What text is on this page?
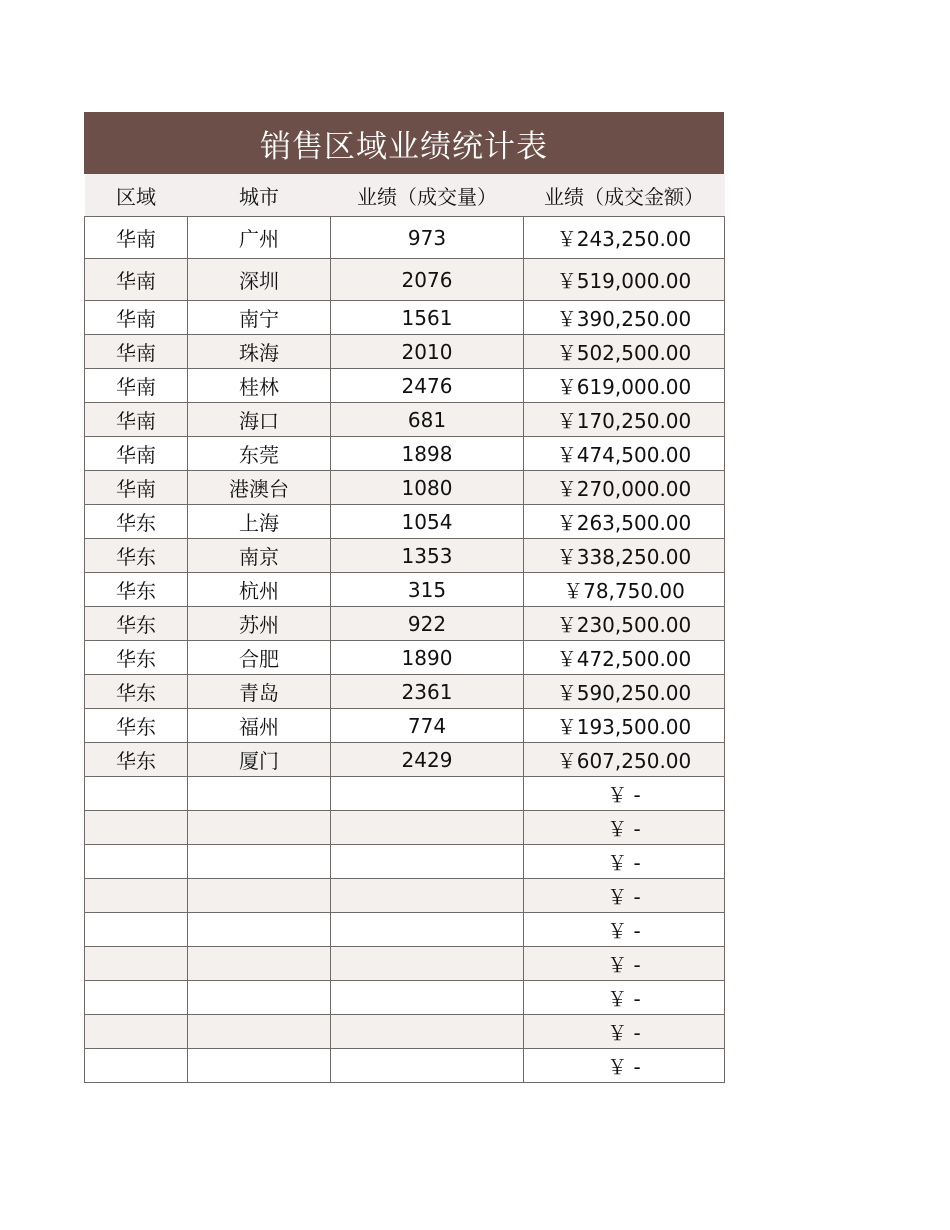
销售区域业绩统计表
区域	城市	业绩（成交量）	业绩（成交金额）
华南	广州	973	￥243,250.00
华南	深圳	2076	￥519,000.00
华南	南宁	1561	￥390,250.00
华南	珠海	2010	￥502,500.00
华南	桂林	2476	￥619,000.00
华南	海口	681	￥170,250.00
华南	东莞	1898	￥474,500.00
华南	港澳台	1080	￥270,000.00
华东	上海	1054	￥263,500.00
华东	南京	1353	￥338,250.00
华东	杭州	315	￥78,750.00
华东	苏州	922	￥230,500.00
华东	合肥	1890	￥472,500.00
华东	青岛	2361	￥590,250.00
华东	福州	774	￥193,500.00
华东	厦门	2429	￥607,250.00
			￥ -
			￥ -
			￥ -
			￥ -
			￥ -
			￥ -
			￥ -
			￥ -
			￥ -
